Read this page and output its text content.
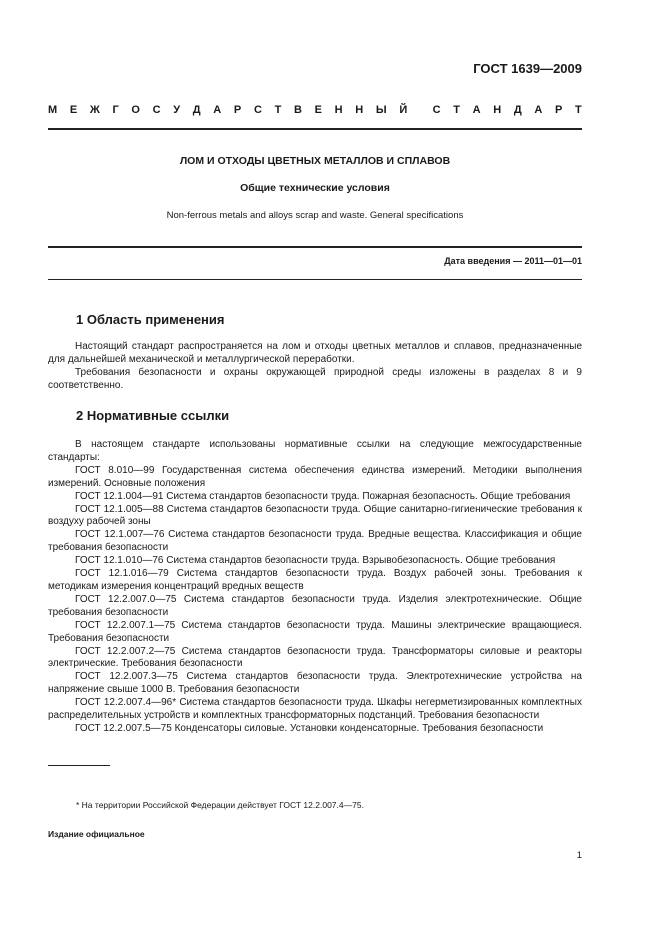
ГОСТ 1639—2009
М Е Ж Г О С У Д А Р С Т В Е Н Н Ы Й С Т А Н Д А Р Т
ЛОМ И ОТХОДЫ ЦВЕТНЫХ МЕТАЛЛОВ И СПЛАВОВ
Общие технические условия
Non-ferrous metals and alloys scrap and waste. General specifications
Дата введения — 2011—01—01
1 Область применения

Настоящий стандарт распространяется на лом и отходы цветных металлов и сплавов, предназначенные для дальнейшей механической и металлургической переработки.

Требования безопасности и охраны окружающей природной среды изложены в разделах 8 и 9 соответственно.

2 Нормативные ссылки

В настоящем стандарте использованы нормативные ссылки на следующие межгосударственные стандарты:

ГОСТ 8.010—99 Государственная система обеспечения единства измерений. Методики выполнения измерений. Основные положения

ГОСТ 12.1.004—91 Система стандартов безопасности труда. Пожарная безопасность. Общие требования

ГОСТ 12.1.005—88 Система стандартов безопасности труда. Общие санитарно-гигиенические требования к воздуху рабочей зоны

ГОСТ 12.1.007—76 Система стандартов безопасности труда. Вредные вещества. Классификация и общие требования безопасности

ГОСТ 12.1.010—76 Система стандартов безопасности труда. Взрывобезопасность. Общие требования

ГОСТ 12.1.016—79 Система стандартов безопасности труда. Воздух рабочей зоны. Требования к методикам измерения концентраций вредных веществ

ГОСТ 12.2.007.0—75 Система стандартов безопасности труда. Изделия электротехнические. Общие требования безопасности

ГОСТ 12.2.007.1—75 Система стандартов безопасности труда. Машины электрические вращающиеся. Требования безопасности

ГОСТ 12.2.007.2—75 Система стандартов безопасности труда. Трансформаторы силовые и реакторы электрические. Требования безопасности

ГОСТ 12.2.007.3—75 Система стандартов безопасности труда. Электротехнические устройства на напряжение свыше 1000 В. Требования безопасности

ГОСТ 12.2.007.4—96* Система стандартов безопасности труда. Шкафы негерметизированных комплектных распределительных устройств и комплектных трансформаторных подстанций. Требования безопасности

ГОСТ 12.2.007.5—75 Конденсаторы силовые. Установки конденсаторные. Требования безопасности

* На территории Российской Федерации действует ГОСТ 12.2.007.4—75.
Издание официальное
1
